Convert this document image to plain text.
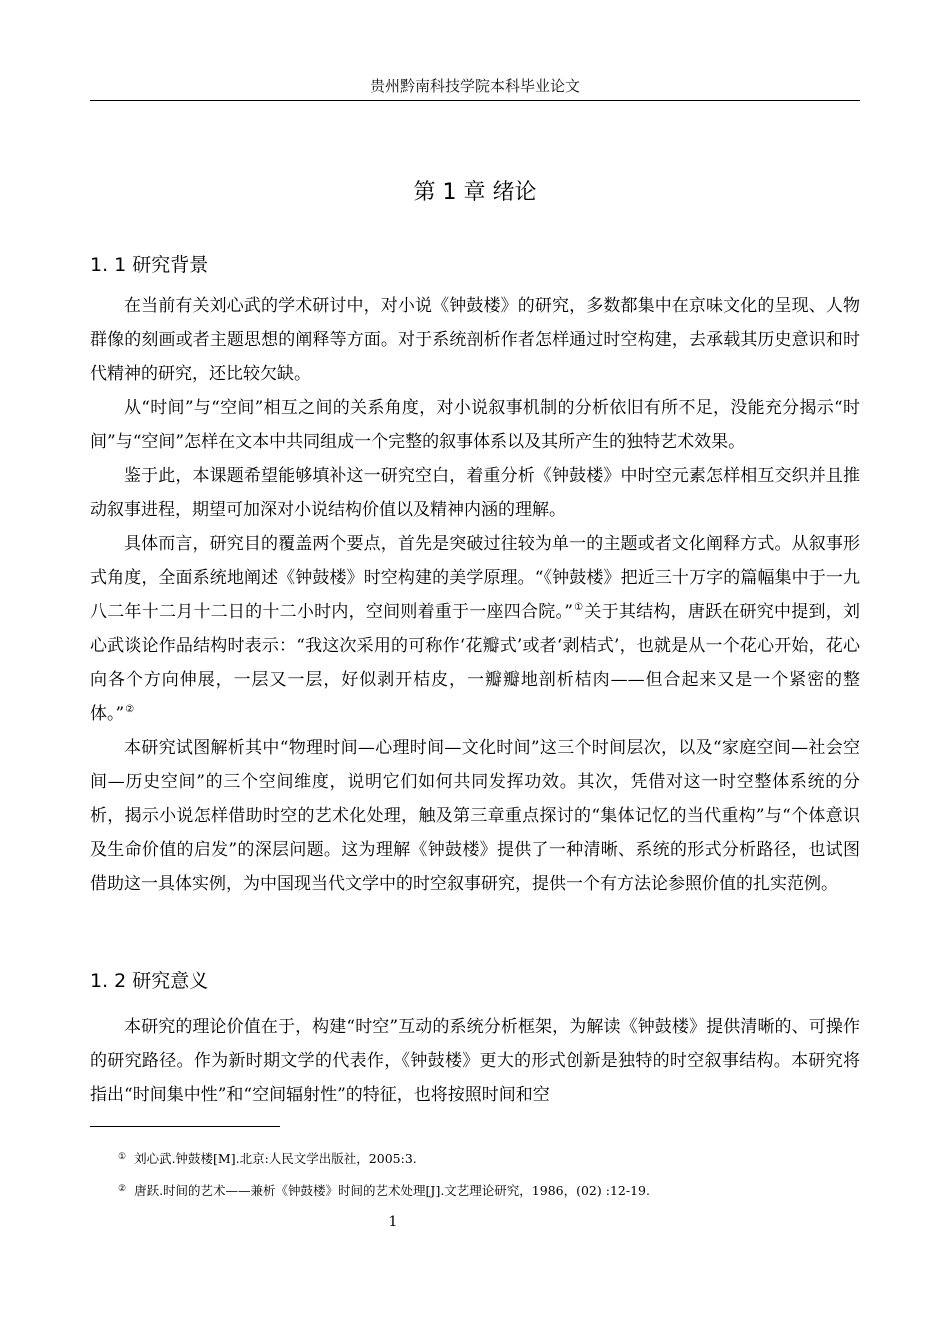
贵州黔南科技学院本科毕业论文
第 1 章 绪论
1. 1 研究背景

在当前有关刘心武的学术研讨中，对小说《钟鼓楼》的研究，多数都集中在京味文化的呈现、人物群像的刻画或者主题思想的阐释等方面。对于系统剖析作者怎样通过时空构建，去承载其历史意识和时代精神的研究，还比较欠缺。

从“时间”与“空间”相互之间的关系角度，对小说叙事机制的分析依旧有所不足，没能充分揭示“时间”与“空间”怎样在文本中共同组成一个完整的叙事体系以及其所产生的独特艺术效果。

鉴于此，本课题希望能够填补这一研究空白，着重分析《钟鼓楼》中时空元素怎样相互交织并且推动叙事进程，期望可加深对小说结构价值以及精神内涵的理解。

具体而言，研究目的覆盖两个要点，首先是突破过往较为单一的主题或者文化阐释方式。从叙事形式角度，全面系统地阐述《钟鼓楼》时空构建的美学原理。“《钟鼓楼》把近三十万字的篇幅集中于一九八二年十二月十二日的十二小时内，空间则着重于一座四合院。”①关于其结构，唐跃在研究中提到，刘心武谈论作品结构时表示：“我这次采用的可称作‘花瓣式’或者‘剥桔式’，也就是从一个花心开始，花心向各个方向伸展，一层又一层，好似剥开桔皮，一瓣瓣地剖析桔肉——但合起来又是一个紧密的整体。”②

本研究试图解析其中“物理时间—心理时间—文化时间”这三个时间层次，以及“家庭空间—社会空间—历史空间”的三个空间维度，说明它们如何共同发挥功效。其次，凭借对这一时空整体系统的分析，揭示小说怎样借助时空的艺术化处理，触及第三章重点探讨的“集体记忆的当代重构”与“个体意识及生命价值的启发”的深层问题。这为理解《钟鼓楼》提供了一种清晰、系统的形式分析路径，也试图借助这一具体实例，为中国现当代文学中的时空叙事研究，提供一个有方法论参照价值的扎实范例。

1. 2 研究意义

本研究的理论价值在于，构建“时空”互动的系统分析框架，为解读《钟鼓楼》提供清晰的、可操作的研究路径。作为新时期文学的代表作，《钟鼓楼》更大的形式创新是独特的时空叙事结构。本研究将指出“时间集中性”和“空间辐射性”的特征，也将按照时间和空

① 刘心武.钟鼓楼[M].北京:人民文学出版社，2005:3.
② 唐跃.时间的艺术——兼析《钟鼓楼》时间的艺术处理[J].文艺理论研究，1986，(02) :12-19.
1
